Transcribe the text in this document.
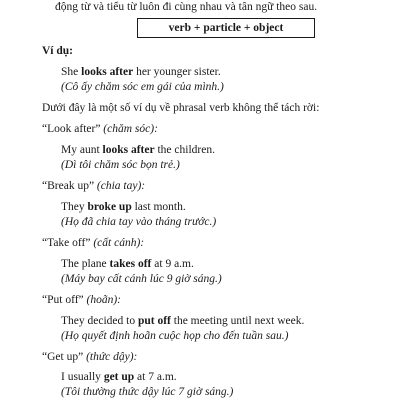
động từ và tiểu từ luôn đi cùng nhau và tân ngữ theo sau.
verb + particle + object
Ví dụ:
She looks after her younger sister.
(Cô ấy chăm sóc em gái của mình.)
Dưới đây là một số ví dụ về phrasal verb không thể tách rời:
“Look after” (chăm sóc):
My aunt looks after the children.
(Dì tôi chăm sóc bọn trẻ.)
“Break up” (chia tay):
They broke up last month.
(Họ đã chia tay vào tháng trước.)
“Take off” (cất cánh):
The plane takes off at 9 a.m.
(Máy bay cất cánh lúc 9 giờ sáng.)
“Put off” (hoãn):
They decided to put off the meeting until next week.
(Họ quyết định hoãn cuộc họp cho đến tuần sau.)
“Get up” (thức dậy):
I usually get up at 7 a.m.
(Tôi thường thức dậy lúc 7 giờ sáng.)
